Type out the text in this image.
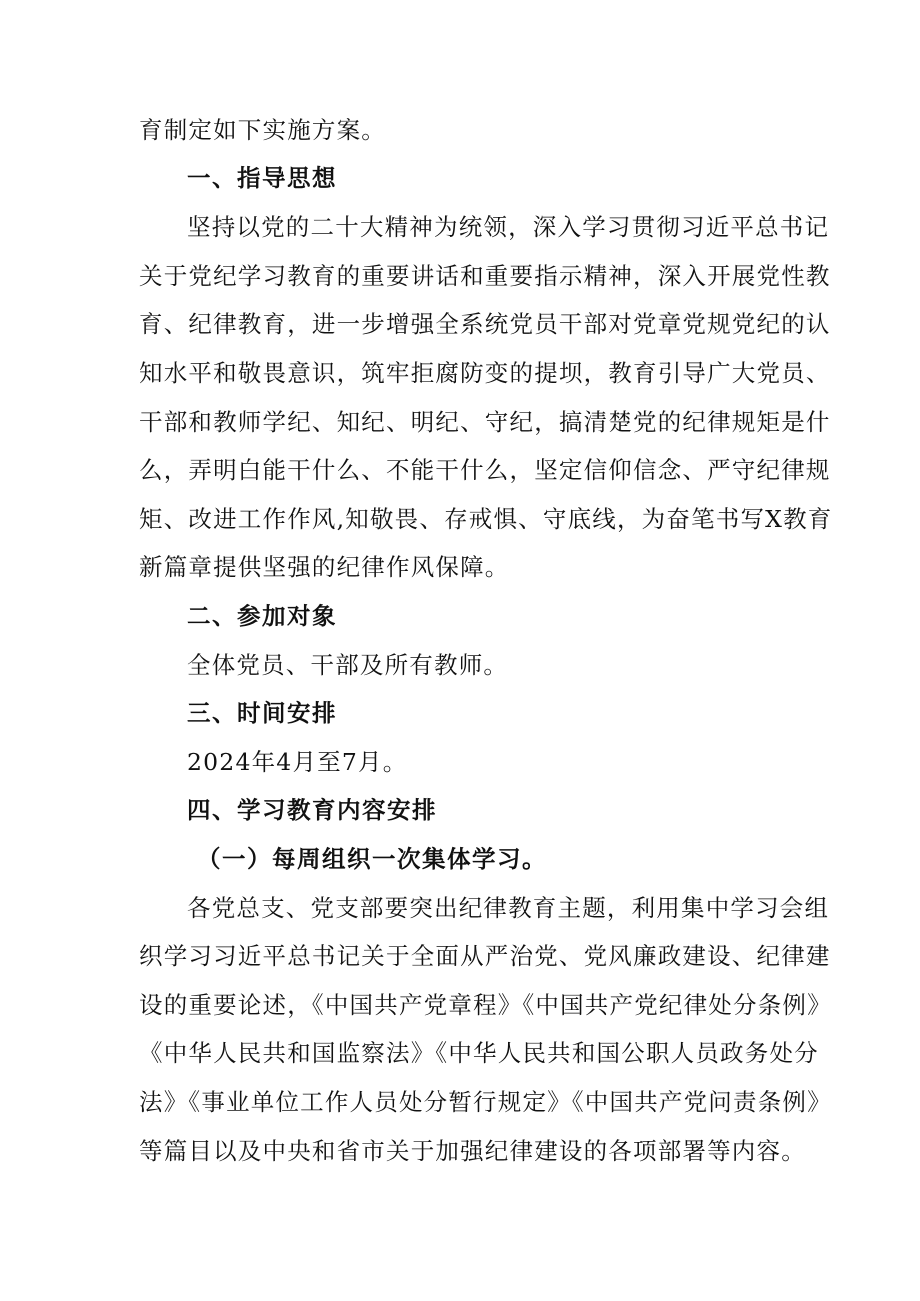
育制定如下实施方案。
一、指导思想
坚持以党的二十大精神为统领，深入学习贯彻习近平总书记
关于党纪学习教育的重要讲话和重要指示精神，深入开展党性教
育、纪律教育，进一步增强全系统党员干部对党章党规党纪的认
知水平和敬畏意识，筑牢拒腐防变的提坝，教育引导广大党员、
干部和教师学纪、知纪、明纪、守纪，搞清楚党的纪律规矩是什
么，弄明白能干什么、不能干什么，坚定信仰信念、严守纪律规
矩、改进工作作风,知敬畏、存戒惧、守底线，为奋笔书写X教育
新篇章提供坚强的纪律作风保障。
二、参加对象
全体党员、干部及所有教师。
三、时间安排
2024年4月至7月。
四、学习教育内容安排
（一）每周组织一次集体学习。
各党总支、党支部要突出纪律教育主题，利用集中学习会组
织学习习近平总书记关于全面从严治党、党风廉政建设、纪律建
设的重要论述，《中国共产党章程》《中国共产党纪律处分条例》
《中华人民共和国监察法》《中华人民共和国公职人员政务处分
法》《事业单位工作人员处分暂行规定》《中国共产党问责条例》
等篇目以及中央和省市关于加强纪律建设的各项部署等内容。
